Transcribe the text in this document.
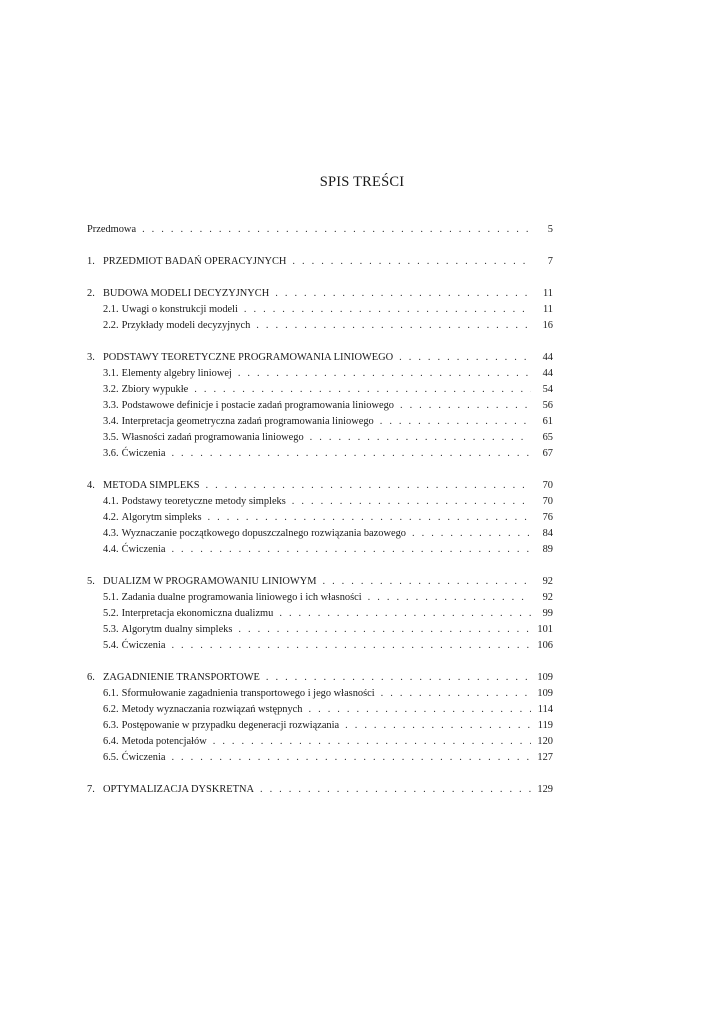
SPIS TREŚCI
Przedmowa . . .	5
1. PRZEDMIOT BADAŃ OPERACYJNYCH . . .	7
2. BUDOWA MODELI DECYZYJNYCH . . .	11
2.1. Uwagi o konstrukcji modeli . . .	11
2.2. Przykłady modeli decyzyjnych . . .	16
3. PODSTAWY TEORETYCZNE PROGRAMOWANIA LINIOWEGO . . .	44
3.1. Elementy algebry liniowej . . .	44
3.2. Zbiory wypukłe . . .	54
3.3. Podstawowe definicje i postacie zadań programowania liniowego . . .	56
3.4. Interpretacja geometryczna zadań programowania liniowego . . .	61
3.5. Własności zadań programowania liniowego . . .	65
3.6. Ćwiczenia . . .	67
4. METODA SIMPLEKS . . .	70
4.1. Podstawy teoretyczne metody simpleks . . .	70
4.2. Algorytm simpleks . . .	76
4.3. Wyznaczanie początkowego dopuszczalnego rozwiązania bazowego . . .	84
4.4. Ćwiczenia . . .	89
5. DUALIZM W PROGRAMOWANIU LINIOWYM . . .	92
5.1. Zadania dualne programowania liniowego i ich własności . . .	92
5.2. Interpretacja ekonomiczna dualizmu . . .	99
5.3. Algorytm dualny simpleks . . .	101
5.4. Ćwiczenia . . .	106
6. ZAGADNIENIE TRANSPORTOWE . . .	109
6.1. Sformułowanie zagadnienia transportowego i jego własności . . .	109
6.2. Metody wyznaczania rozwiązań wstępnych . . .	114
6.3. Postępowanie w przypadku degeneracji rozwiązania . . .	119
6.4. Metoda potencjałów . . .	120
6.5. Ćwiczenia . . .	127
7. OPTYMALIZACJA DYSKRETNA . . .	129
